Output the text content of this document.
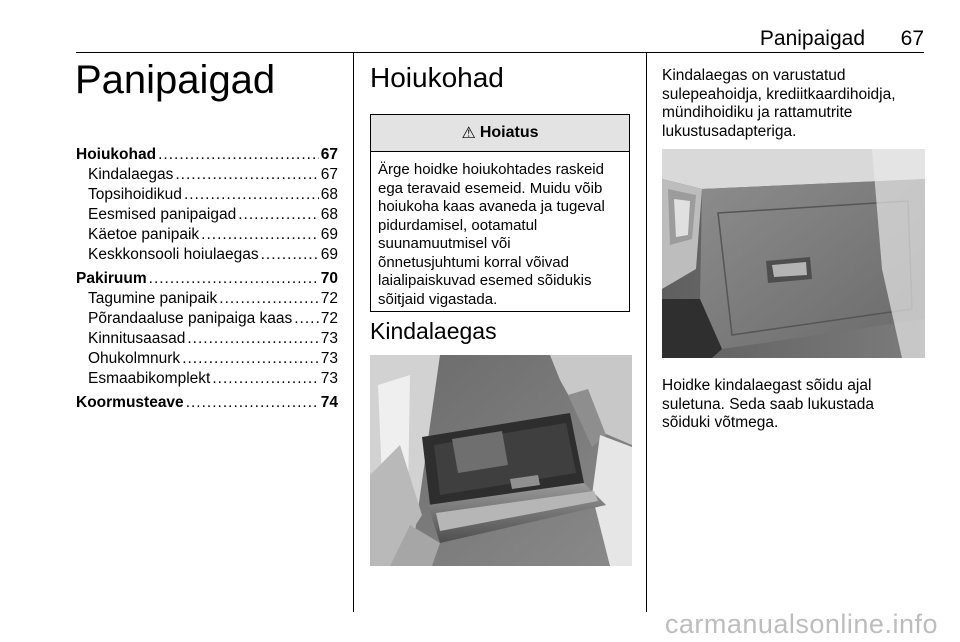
Panipaigad 67
Panipaigad
Hoiukohad .....	67
Kindalaegas .....	67
Topsihoidikud .....	68
Eesmised panipaigad .....	68
Käetoe panipaik .....	69
Keskkonsooli hoiulaegas .....	69
Pakiruum .....	70
Tagumine panipaik .....	72
Põrandaaluse panipaiga kaas ..... 72
Kinnitusaasad .....	73
Ohukolmnurk .....	73
Esmaabikomplekt .....	73
Koormusteave .....	74
Hoiukohad
⚠ Hoiatus
Ärge hoidke hoiukohtades raskeid
ega teravaid esemeid. Muidu võib
hoiukoha kaas avaneda ja tugeval
pidurdamisel, ootamatul
suunamuutmisel või
õnnetusjuhtumi korral võivad
laialipaiskuvad esemed sõidukis
sõitjaid vigastada.
Kindalaegas
Kindalaegas on varustatud
sulepeahoidja, krediitkaardihoidja,
mündihoidiku ja rattamutrite
lukustusadapteriga.
Hoidke kindalaegast sõidu ajal
suletuna. Seda saab lukustada
sõiduki võtmega.
carmanualsonline.info
